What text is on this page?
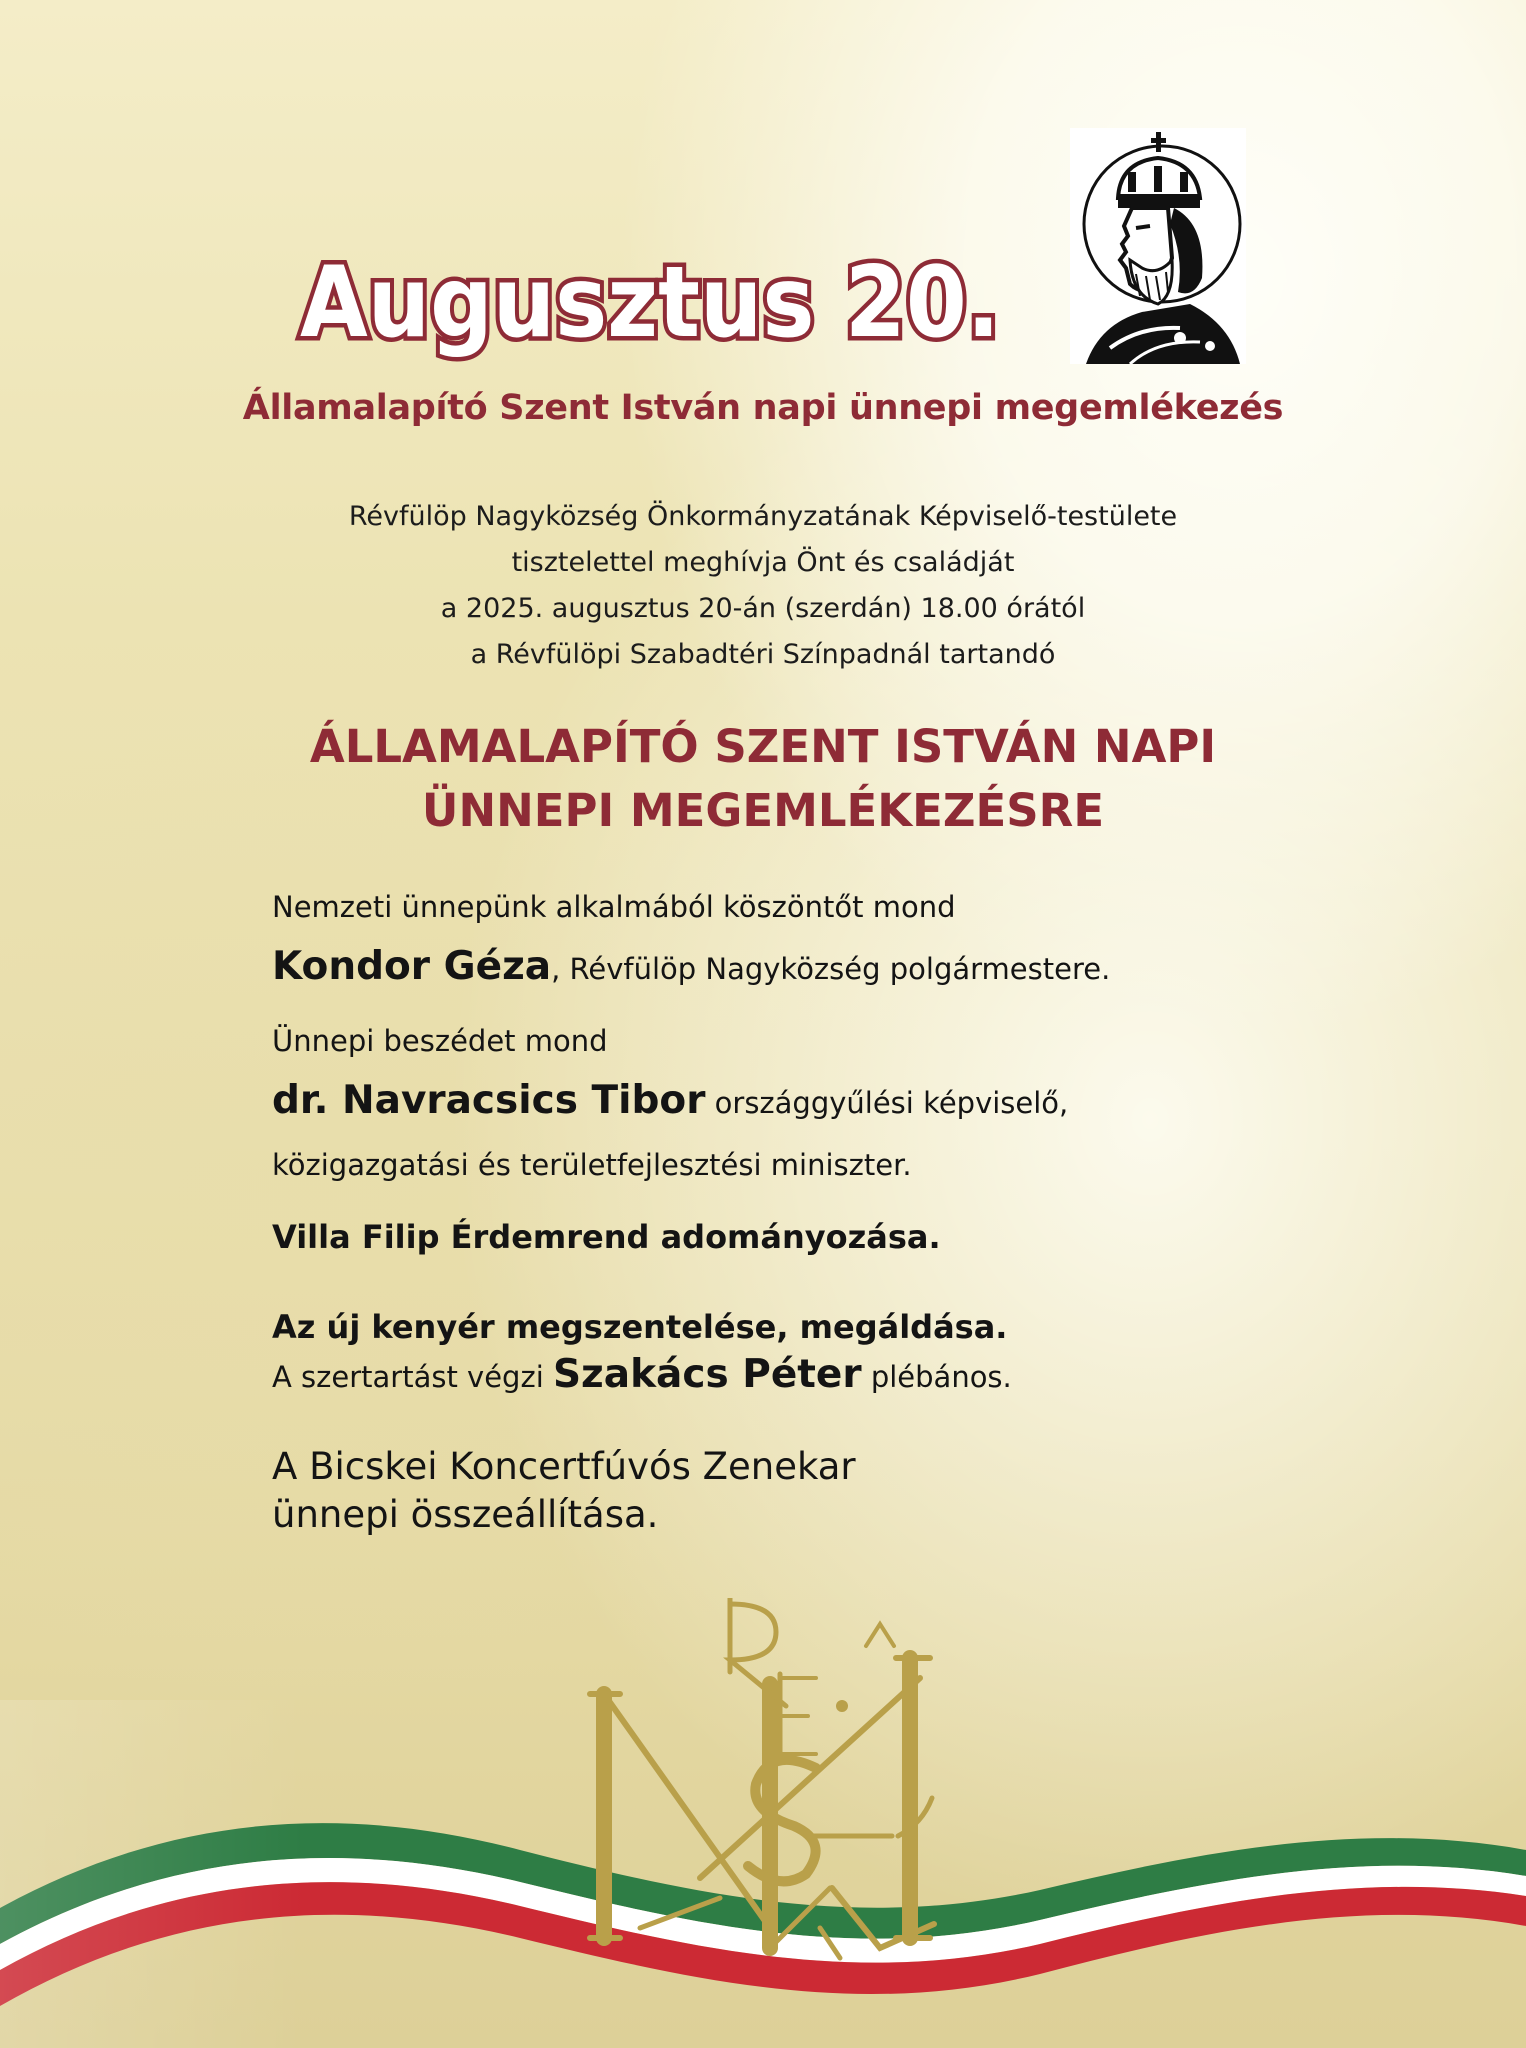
Augusztus 20.
Államalapító Szent István napi ünnepi megemlékezés
Révfülöp Nagyközség Önkormányzatának Képviselő-testülete
tisztelettel meghívja Önt és családját
a 2025. augusztus 20-án (szerdán) 18.00 órától
a Révfülöpi Szabadtéri Színpadnál tartandó
ÁLLAMALAPÍTÓ SZENT ISTVÁN NAPI
ÜNNEPI MEGEMLÉKEZÉSRE
Nemzeti ünnepünk alkalmából köszöntőt mond
Kondor Géza, Révfülöp Nagyközség polgármestere.
Ünnepi beszédet mond
dr. Navracsics Tibor országgyűlési képviselő,
közigazgatási és területfejlesztési miniszter.
Villa Filip Érdemrend adományozása.
Az új kenyér megszentelése, megáldása.
A szertartást végzi Szakács Péter plébános.
A Bicskei Koncertfúvós Zenekar
ünnepi összeállítása.
